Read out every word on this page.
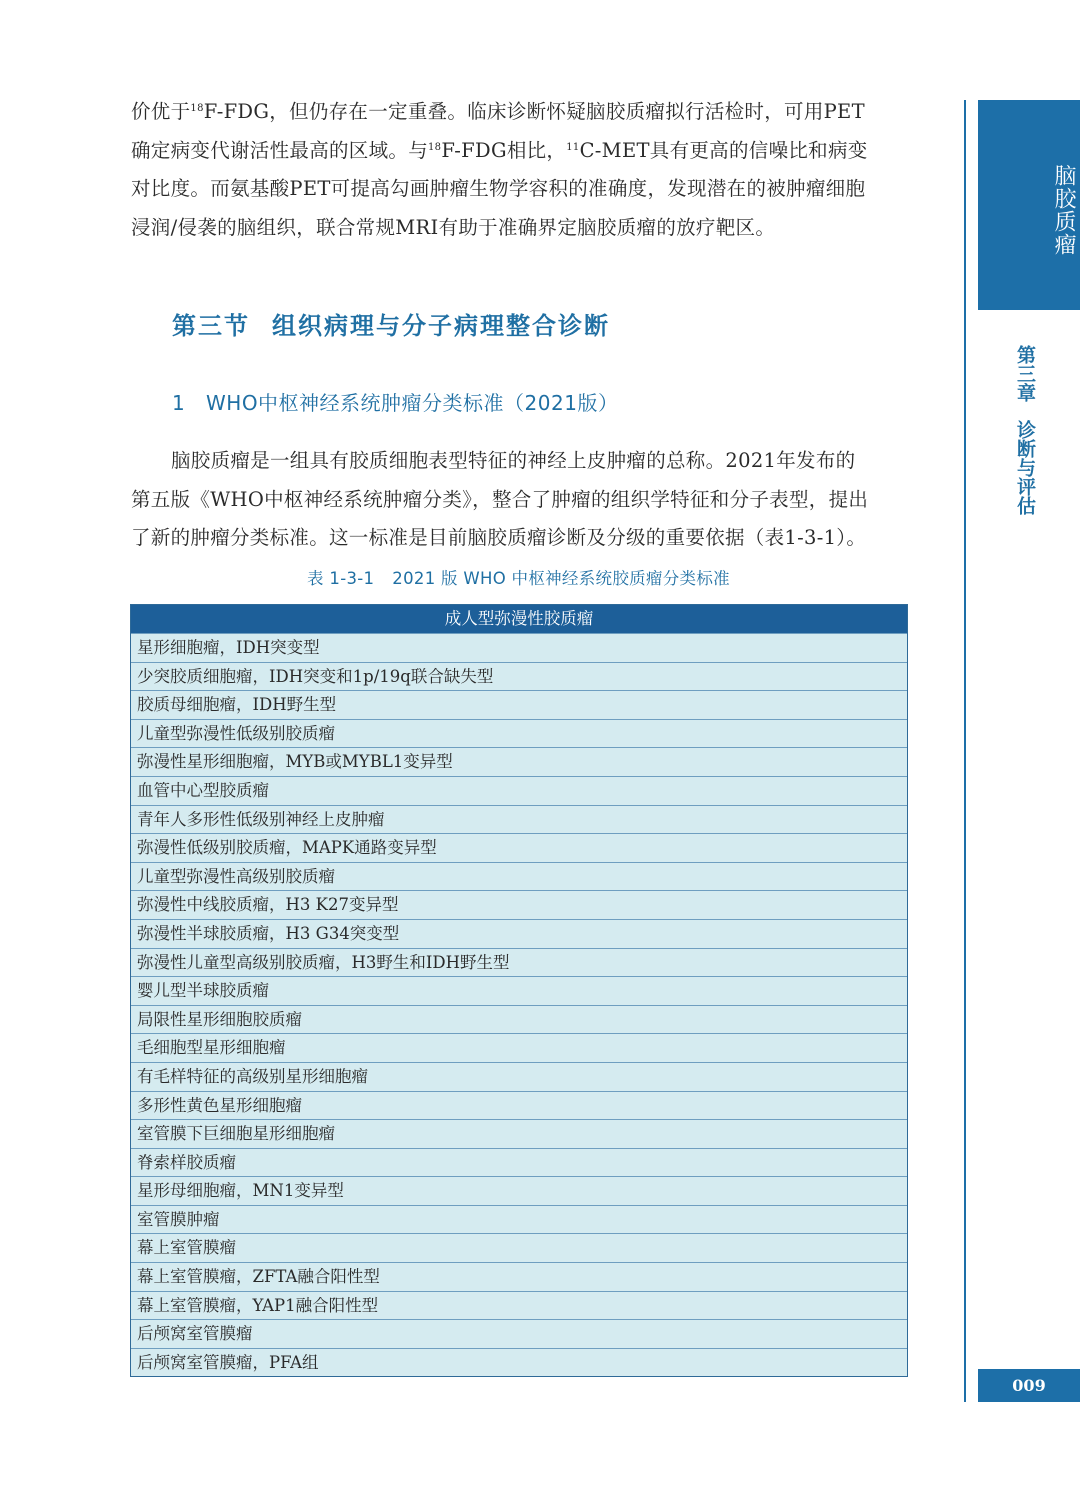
价优于$^{18}$F-FDG，但仍存在一定重叠。临床诊断怀疑脑胶质瘤拟行活检时，可用PET
确定病变代谢活性最高的区域。与$^{18}$F-FDG相比，$^{11}$C-MET具有更高的信噪比和病变
对比度。而氨基酸PET可提高勾画肿瘤生物学容积的准确度，发现潜在的被肿瘤细胞
浸润/侵袭的脑组织，联合常规MRI有助于准确界定脑胶质瘤的放疗靶区。
第三节 组织病理与分子病理整合诊断
1 WHO中枢神经系统肿瘤分类标准（2021版）
脑胶质瘤是一组具有胶质细胞表型特征的神经上皮肿瘤的总称。2021年发布的
第五版《WHO中枢神经系统肿瘤分类》，整合了肿瘤的组织学特征和分子表型，提出
了新的肿瘤分类标准。这一标准是目前脑胶质瘤诊断及分级的重要依据（表1-3-1）。
表 1-3-1 2021 版 WHO 中枢神经系统胶质瘤分类标准
成人型弥漫性胶质瘤
星形细胞瘤，IDH突变型
少突胶质细胞瘤，IDH突变和1p/19q联合缺失型
胶质母细胞瘤，IDH野生型
儿童型弥漫性低级别胶质瘤
弥漫性星形细胞瘤，MYB或MYBL1变异型
血管中心型胶质瘤
青年人多形性低级别神经上皮肿瘤
弥漫性低级别胶质瘤，MAPK通路变异型
儿童型弥漫性高级别胶质瘤
弥漫性中线胶质瘤，H3 K27变异型
弥漫性半球胶质瘤，H3 G34突变型
弥漫性儿童型高级别胶质瘤，H3野生和IDH野生型
婴儿型半球胶质瘤
局限性星形细胞胶质瘤
毛细胞型星形细胞瘤
有毛样特征的高级别星形细胞瘤
多形性黄色星形细胞瘤
室管膜下巨细胞星形细胞瘤
脊索样胶质瘤
星形母细胞瘤，MN1变异型
室管膜肿瘤
幕上室管膜瘤
幕上室管膜瘤，ZFTA融合阳性型
幕上室管膜瘤，YAP1融合阳性型
后颅窝室管膜瘤
后颅窝室管膜瘤，PFA组
脑胶质瘤
第三章诊断与评估
009
